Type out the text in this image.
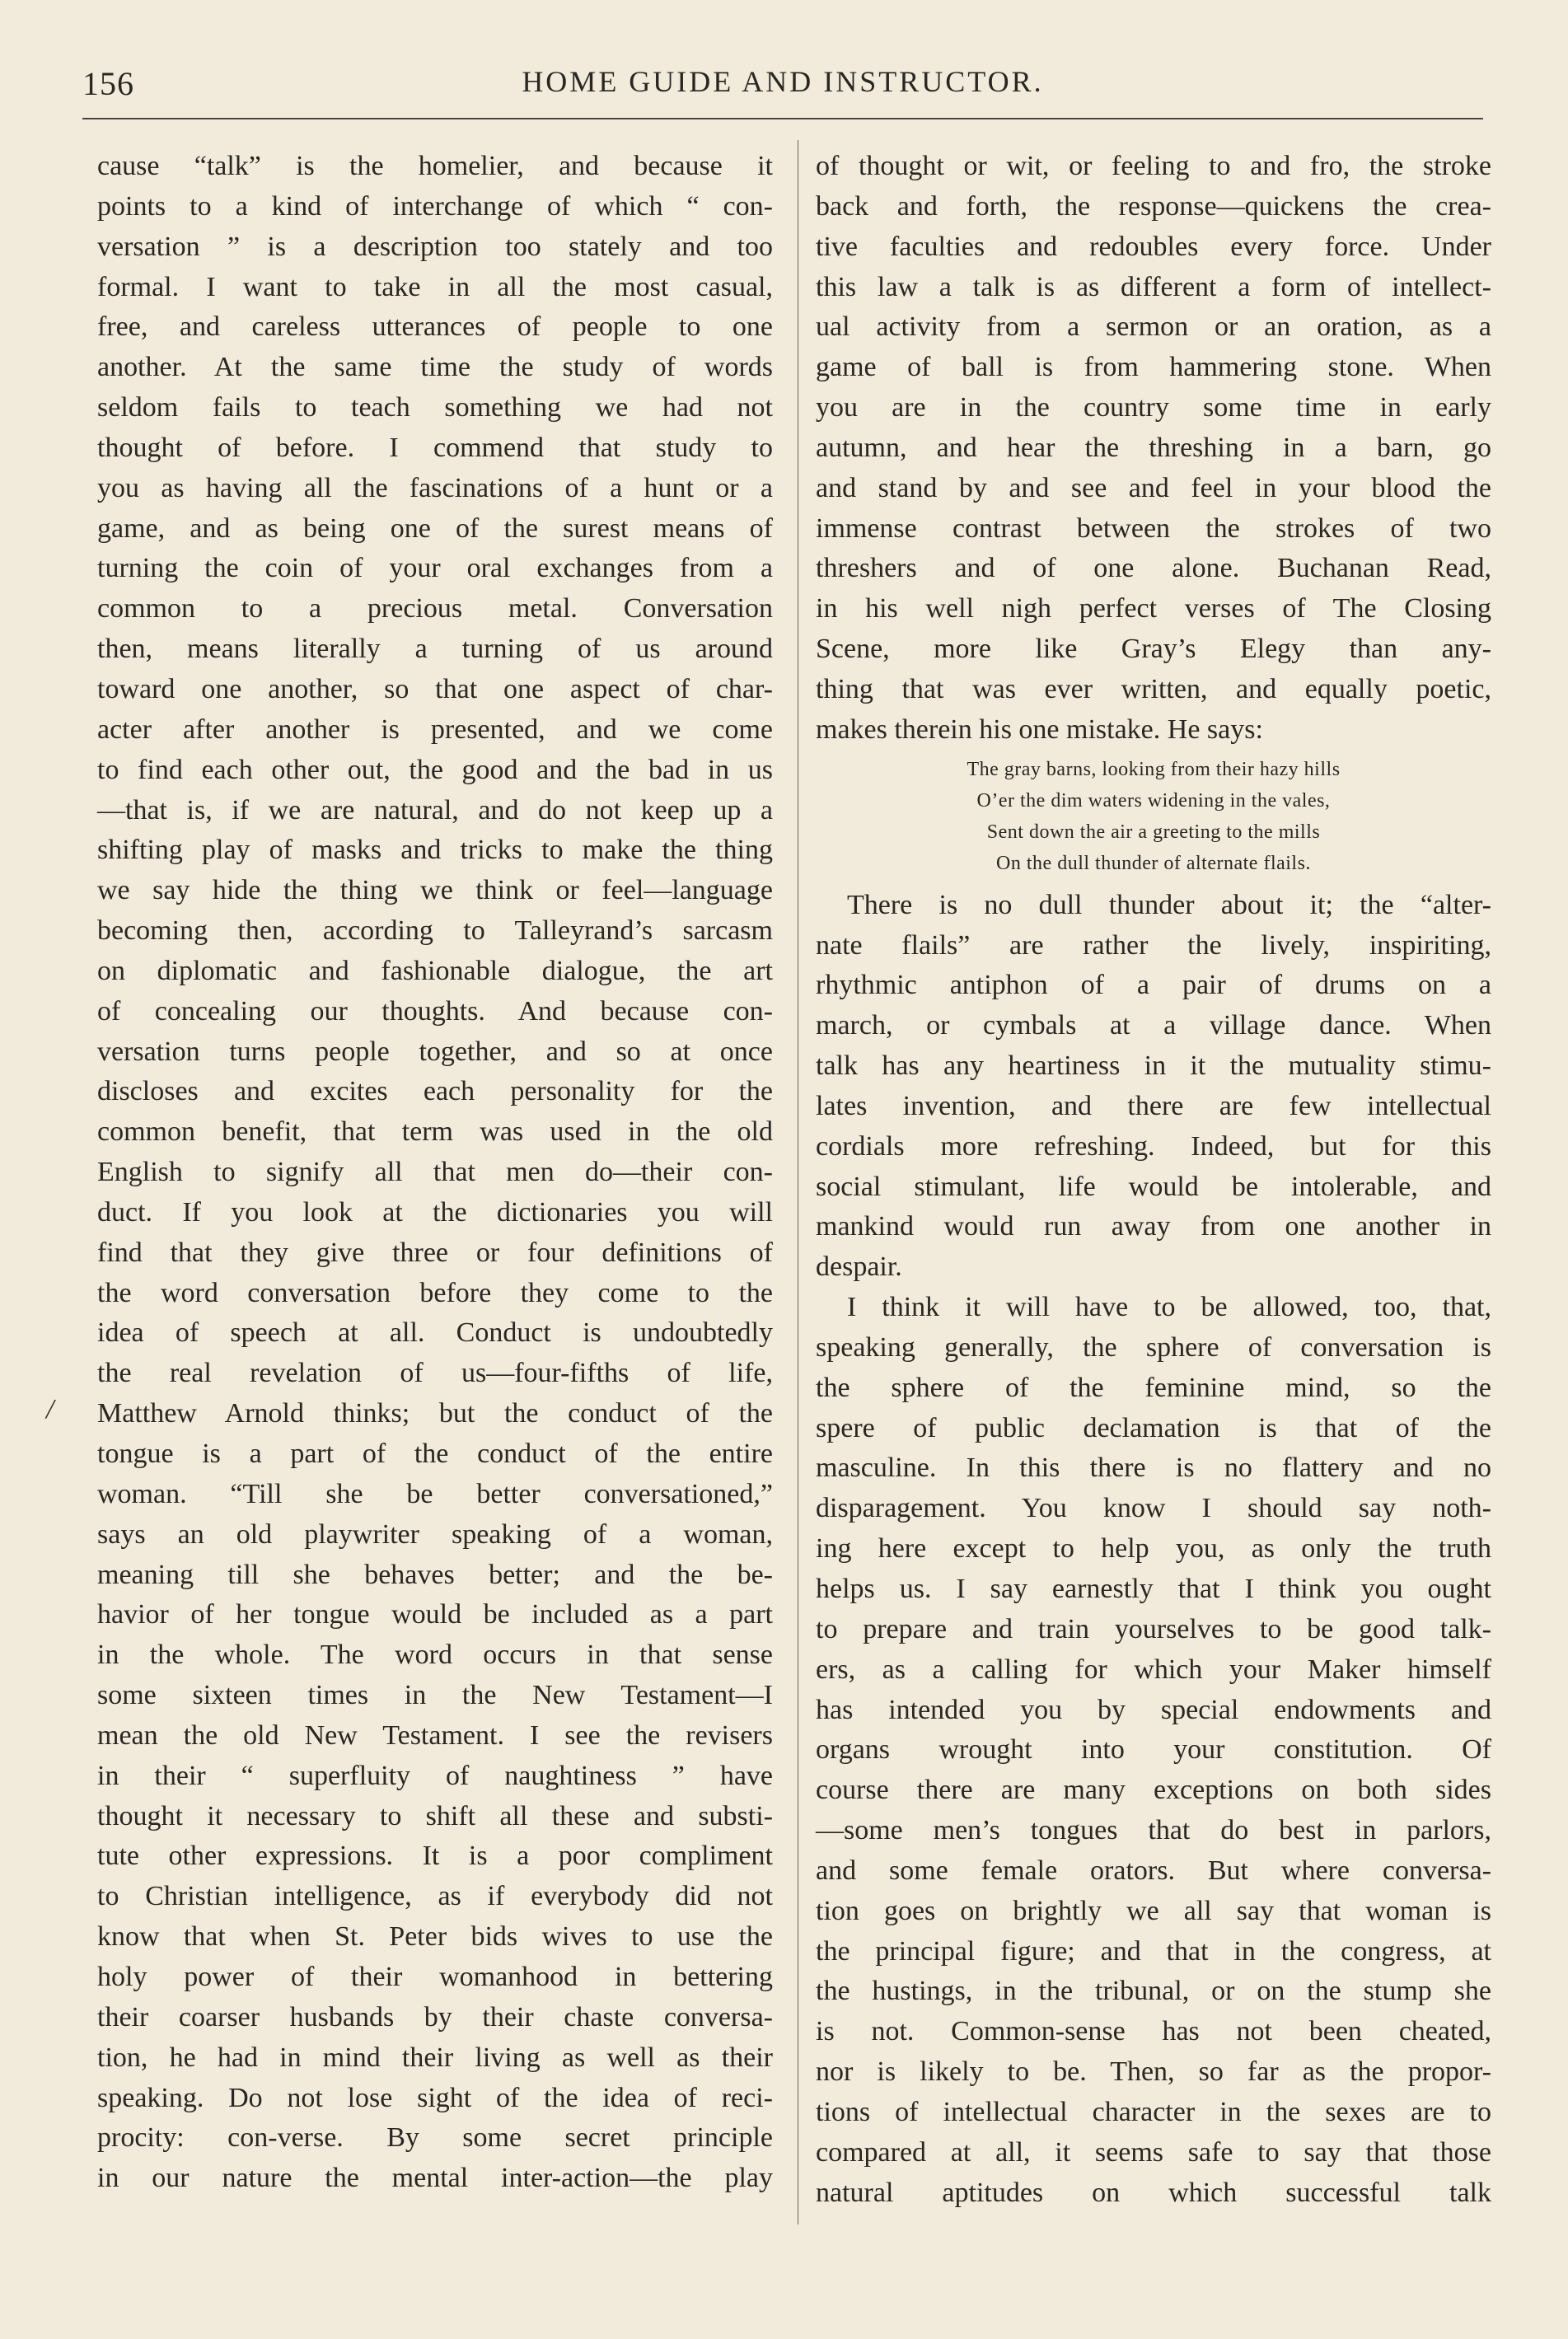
156	HOME GUIDE AND INSTRUCTOR.
/
cause “talk” is the homelier, and because it
points to a kind of interchange of which “ con-
versation ” is a description too stately and too
formal. I want to take in all the most casual,
free, and careless utterances of people to one
another. At the same time the study of words
seldom fails to teach something we had not
thought of before. I commend that study to
you as having all the fascinations of a hunt or a
game, and as being one of the surest means of
turning the coin of your oral exchanges from a
common to a precious metal. Conversation
then, means literally a turning of us around
toward one another, so that one aspect of char-
acter after another is presented, and we come
to find each other out, the good and the bad in us
—that is, if we are natural, and do not keep up a
shifting play of masks and tricks to make the thing
we say hide the thing we think or feel—language
becoming then, according to Talleyrand’s sarcasm
on diplomatic and fashionable dialogue, the art
of concealing our thoughts. And because con-
versation turns people together, and so at once
discloses and excites each personality for the
common benefit, that term was used in the old
English to signify all that men do—their con-
duct. If you look at the dictionaries you will
find that they give three or four definitions of
the word conversation before they come to the
idea of speech at all. Conduct is undoubtedly
the real revelation of us—four-fifths of life,
Matthew Arnold thinks; but the conduct of the
tongue is a part of the conduct of the entire
woman. “Till she be better conversationed,”
says an old playwriter speaking of a woman,
meaning till she behaves better; and the be-
havior of her tongue would be included as a part
in the whole. The word occurs in that sense
some sixteen times in the New Testament—I
mean the old New Testament. I see the revisers
in their “ superfluity of naughtiness ” have
thought it necessary to shift all these and substi-
tute other expressions. It is a poor compliment
to Christian intelligence, as if everybody did not
know that when St. Peter bids wives to use the
holy power of their womanhood in bettering
their coarser husbands by their chaste conversa-
tion, he had in mind their living as well as their
speaking. Do not lose sight of the idea of reci-
procity: con-verse. By some secret principle
in our nature the mental inter-action—the play
of thought or wit, or feeling to and fro, the stroke
back and forth, the response—quickens the crea-
tive faculties and redoubles every force. Under
this law a talk is as different a form of intellect-
ual activity from a sermon or an oration, as a
game of ball is from hammering stone. When
you are in the country some time in early
autumn, and hear the threshing in a barn, go
and stand by and see and feel in your blood the
immense contrast between the strokes of two
threshers and of one alone. Buchanan Read,
in his well nigh perfect verses of The Closing
Scene, more like Gray’s Elegy than any-
thing that was ever written, and equally poetic,
makes therein his one mistake. He says:
The gray barns, looking from their hazy hills
O’er the dim waters widening in the vales,
Sent down the air a greeting to the mills
On the dull thunder of alternate flails.
There is no dull thunder about it; the “alter-
nate flails” are rather the lively, inspiriting,
rhythmic antiphon of a pair of drums on a
march, or cymbals at a village dance. When
talk has any heartiness in it the mutuality stimu-
lates invention, and there are few intellectual
cordials more refreshing. Indeed, but for this
social stimulant, life would be intolerable, and
mankind would run away from one another in
despair.
I think it will have to be allowed, too, that,
speaking generally, the sphere of conversation is
the sphere of the feminine mind, so the
spere of public declamation is that of the
masculine. In this there is no flattery and no
disparagement. You know I should say noth-
ing here except to help you, as only the truth
helps us. I say earnestly that I think you ought
to prepare and train yourselves to be good talk-
ers, as a calling for which your Maker himself
has intended you by special endowments and
organs wrought into your constitution. Of
course there are many exceptions on both sides
—some men’s tongues that do best in parlors,
and some female orators. But where conversa-
tion goes on brightly we all say that woman is
the principal figure; and that in the congress, at
the hustings, in the tribunal, or on the stump she
is not. Common-sense has not been cheated,
nor is likely to be. Then, so far as the propor-
tions of intellectual character in the sexes are to
compared at all, it seems safe to say that those
natural aptitudes on which successful talk
